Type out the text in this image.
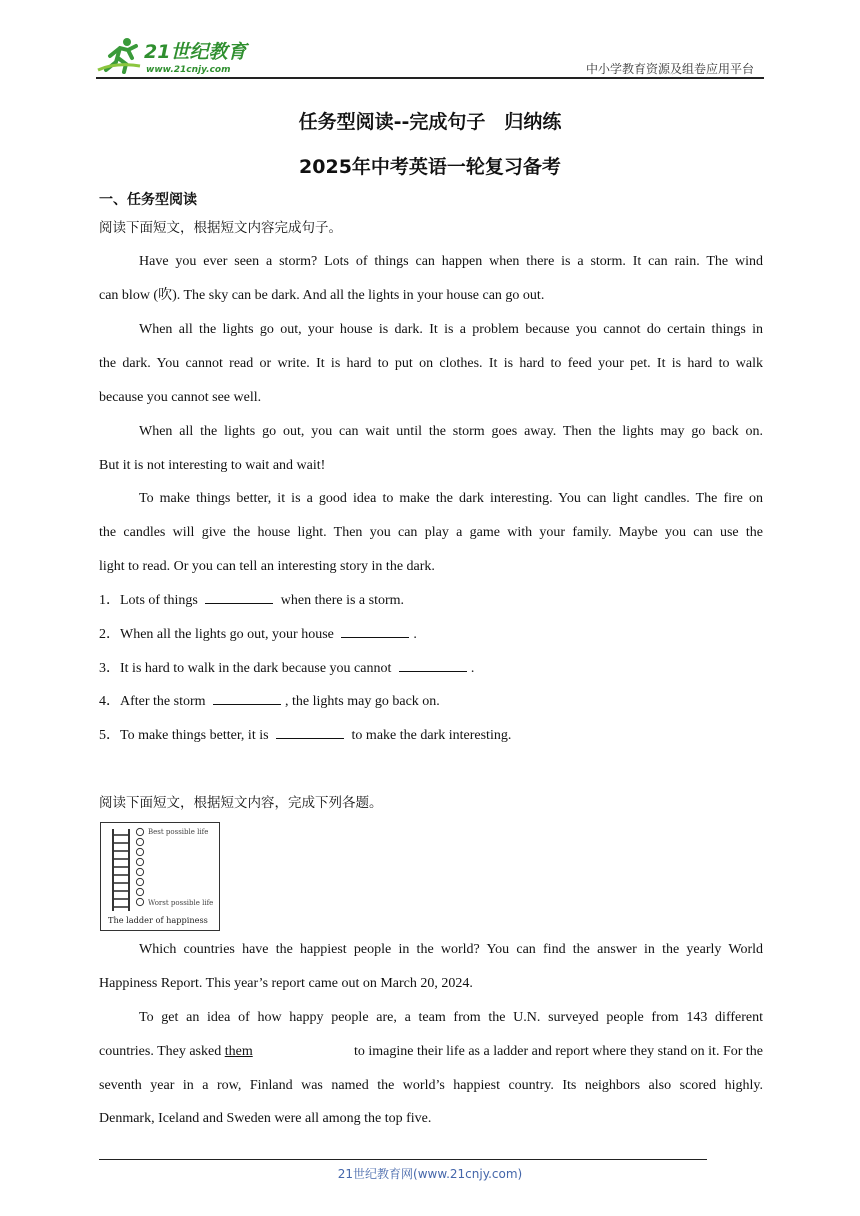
21世纪教育
www.21cnjy.com	中小学教育资源及组卷应用平台
任务型阅读--完成句子　归纳练
2025年中考英语一轮复习备考
一、任务型阅读
阅读下面短文，根据短文内容完成句子。
Have you ever seen a storm? Lots of things can happen when there is a storm. It can rain. The wind
can blow (吹). The sky can be dark. And all the lights in your house can go out.
When all the lights go out, your house is dark. It is a problem because you cannot do certain things in
the dark. You cannot read or write. It is hard to put on clothes. It is hard to feed your pet. It is hard to walk
because you cannot see well.
When all the lights go out, you can wait until the storm goes away. Then the lights may go back on.
But it is not interesting to wait and wait!
To make things better, it is a good idea to make the dark interesting. You can light candles. The fire on
the candles will give the house light. Then you can play a game with your family. Maybe you can use the
light to read. Or you can tell an interesting story in the dark.
1．Lots of things	when there is a storm.
2．When all the lights go out, your house	.
3．It is hard to walk in the dark because you cannot	.
4．After the storm	, the lights may go back on.
5．To make things better, it is	to make the dark interesting.
阅读下面短文，根据短文内容，完成下列各题。
Best possible life
Worst possible life
The ladder of happiness
Which countries have the happiest people in the world? You can find the answer in the yearly World
Happiness Report. This year’s report came out on March 20, 2024.
To get an idea of how happy people are, a team from the U.N. surveyed people from 143 different
countries. They asked them	to imagine their life as a ladder and report where they stand on it. For the
seventh year in a row, Finland was named the world’s happiest country. Its neighbors also scored highly.
Denmark, Iceland and Sweden were all among the top five.
21世纪教育网(www.21cnjy.com)
